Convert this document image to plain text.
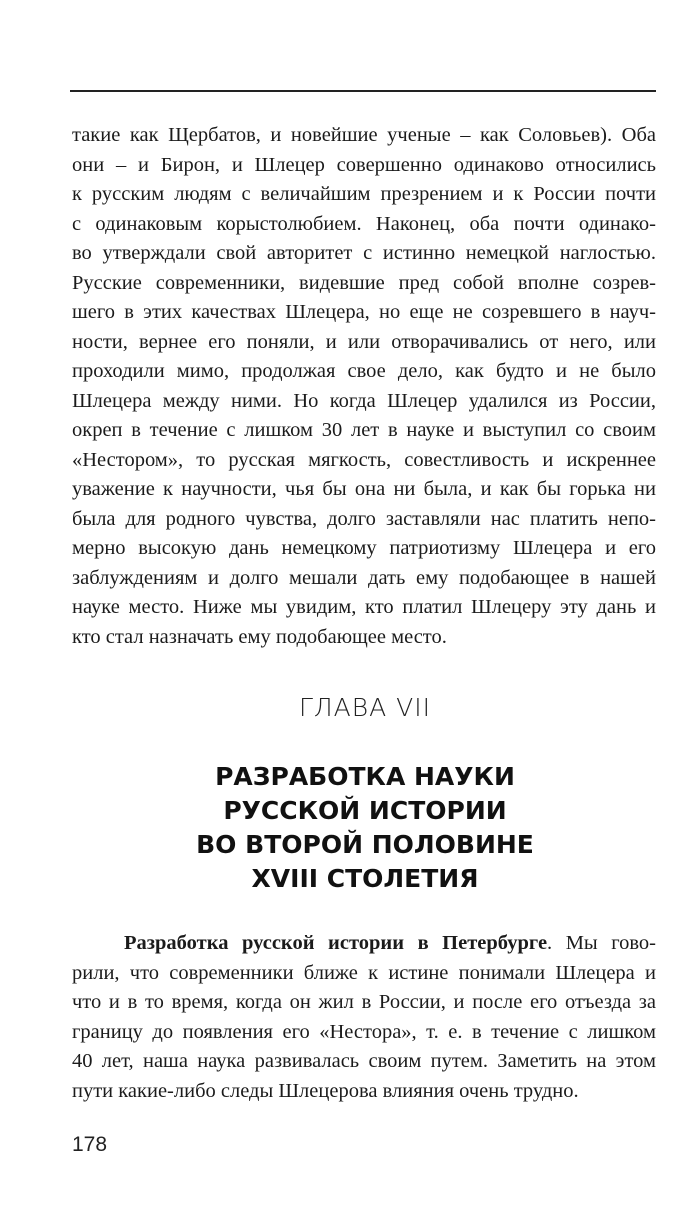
такие как Щербатов, и новейшие ученые – как Соловьев). Оба
они – и Бирон, и Шлецер совершенно одинаково относились
к русским людям с величайшим презрением и к России почти
с одинаковым корыстолюбием. Наконец, оба почти одинако-
во утверждали свой авторитет с истинно немецкой наглостью.
Русские современники, видевшие пред собой вполне созрев-
шего в этих качествах Шлецера, но еще не созревшего в науч-
ности, вернее его поняли, и или отворачивались от него, или
проходили мимо, продолжая свое дело, как будто и не было
Шлецера между ними. Но когда Шлецер удалился из России,
окреп в течение с лишком 30 лет в науке и выступил со своим
«Нестором», то русская мягкость, совестливость и искреннее
уважение к научности, чья бы она ни была, и как бы горька ни
была для родного чувства, долго заставляли нас платить непо-
мерно высокую дань немецкому патриотизму Шлецера и его
заблуждениям и долго мешали дать ему подобающее в нашей
науке место. Ниже мы увидим, кто платил Шлецеру эту дань и
кто стал назначать ему подобающее место.
ГЛАВА VII
РАЗРАБОТКА НАУКИ
РУССКОЙ ИСТОРИИ
ВО ВТОРОЙ ПОЛОВИНЕ
XVIII СТОЛЕТИЯ
Разработка русской истории в Петербурге. Мы гово-
рили, что современники ближе к истине понимали Шлецера и
что и в то время, когда он жил в России, и после его отъезда за
границу до появления его «Нестора», т. е. в течение с лишком
40 лет, наша наука развивалась своим путем. Заметить на этом
пути какие-либо следы Шлецерова влияния очень трудно.
178
